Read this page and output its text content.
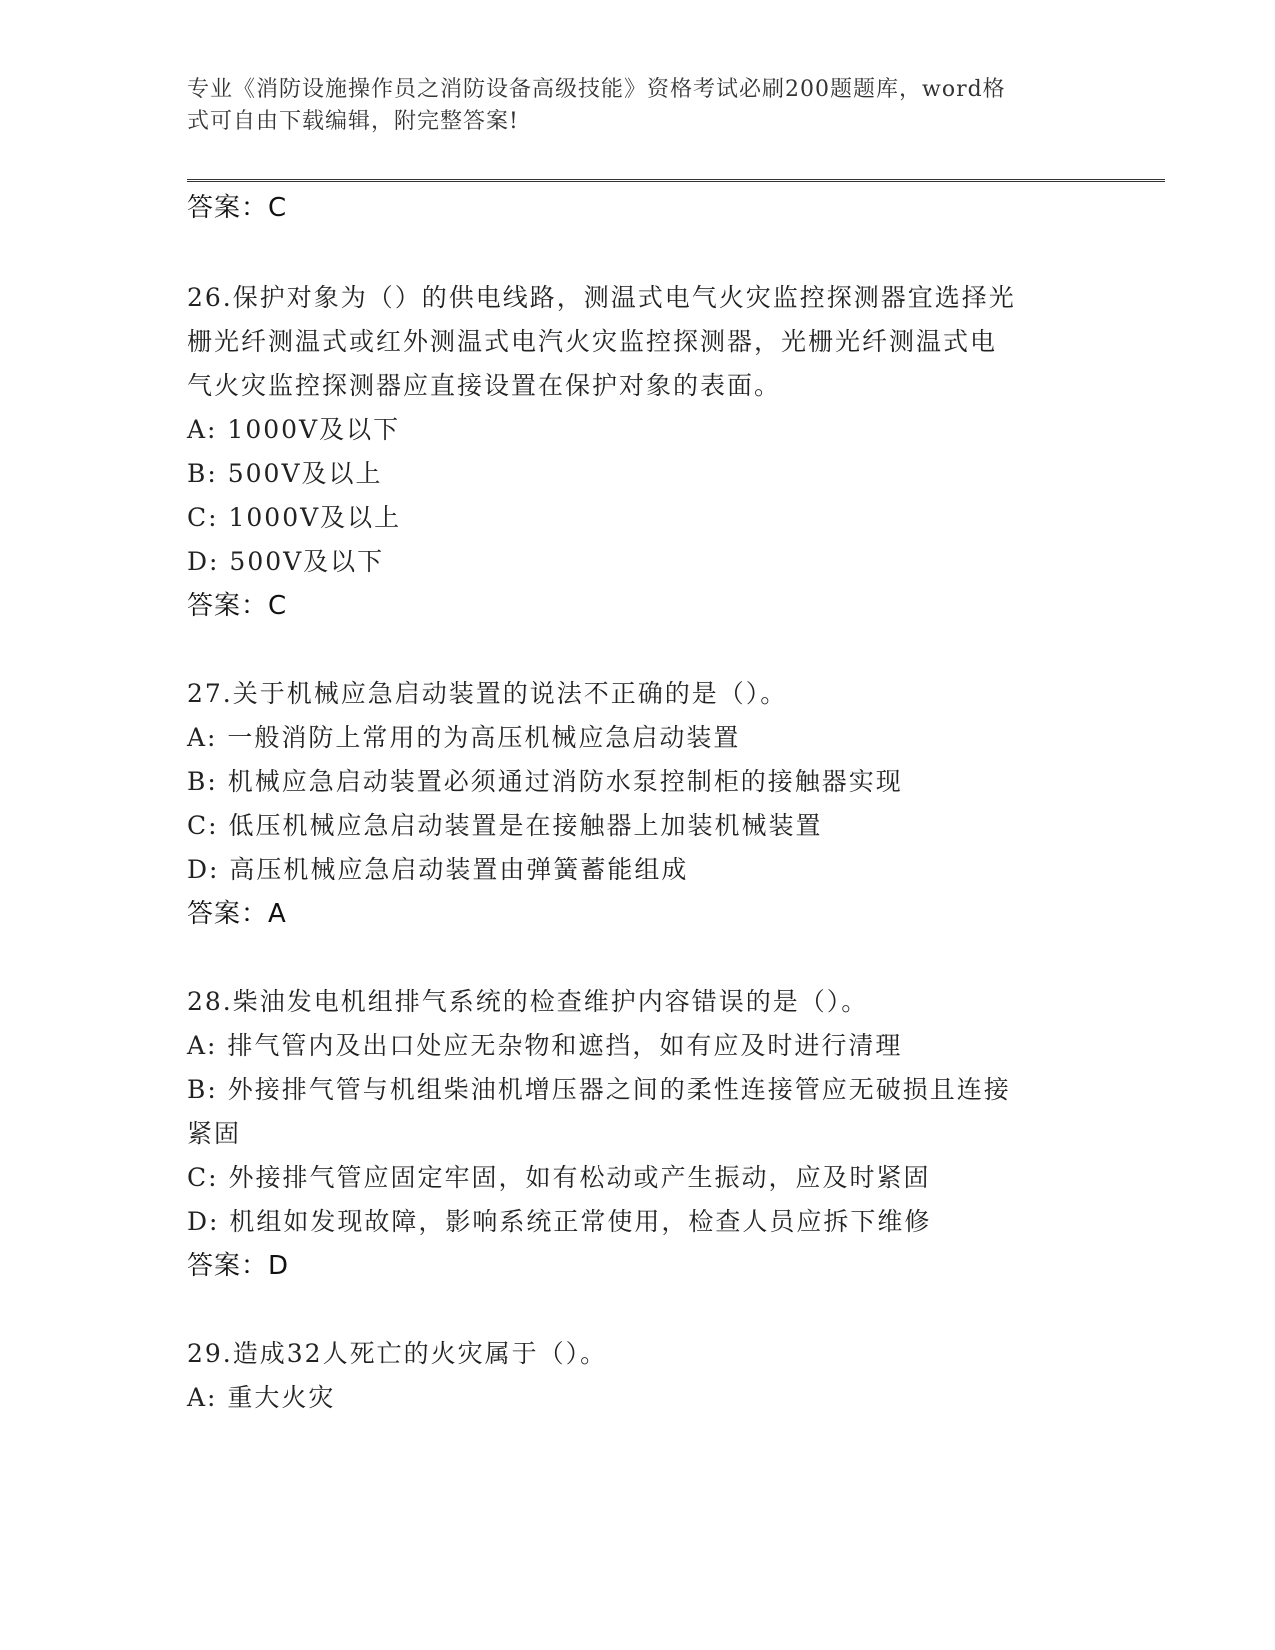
专业《消防设施操作员之消防设备高级技能》资格考试必刷200题题库，word格
式可自由下载编辑，附完整答案!
答案：C
26.保护对象为（）的供电线路，测温式电气火灾监控探测器宜选择光
栅光纤测温式或红外测温式电汽火灾监控探测器，光栅光纤测温式电
气火灾监控探测器应直接设置在保护对象的表面。
A: 1000V及以下
B: 500V及以上
C: 1000V及以上
D: 500V及以下
答案：C
27.关于机械应急启动装置的说法不正确的是（）。
A: 一般消防上常用的为高压机械应急启动装置
B: 机械应急启动装置必须通过消防水泵控制柜的接触器实现
C: 低压机械应急启动装置是在接触器上加装机械装置
D: 高压机械应急启动装置由弹簧蓄能组成
答案：A
28.柴油发电机组排气系统的检查维护内容错误的是（）。
A: 排气管内及出口处应无杂物和遮挡，如有应及时进行清理
B: 外接排气管与机组柴油机增压器之间的柔性连接管应无破损且连接
紧固
C: 外接排气管应固定牢固，如有松动或产生振动，应及时紧固
D: 机组如发现故障，影响系统正常使用，检查人员应拆下维修
答案：D
29.造成32人死亡的火灾属于（）。
A: 重大火灾
